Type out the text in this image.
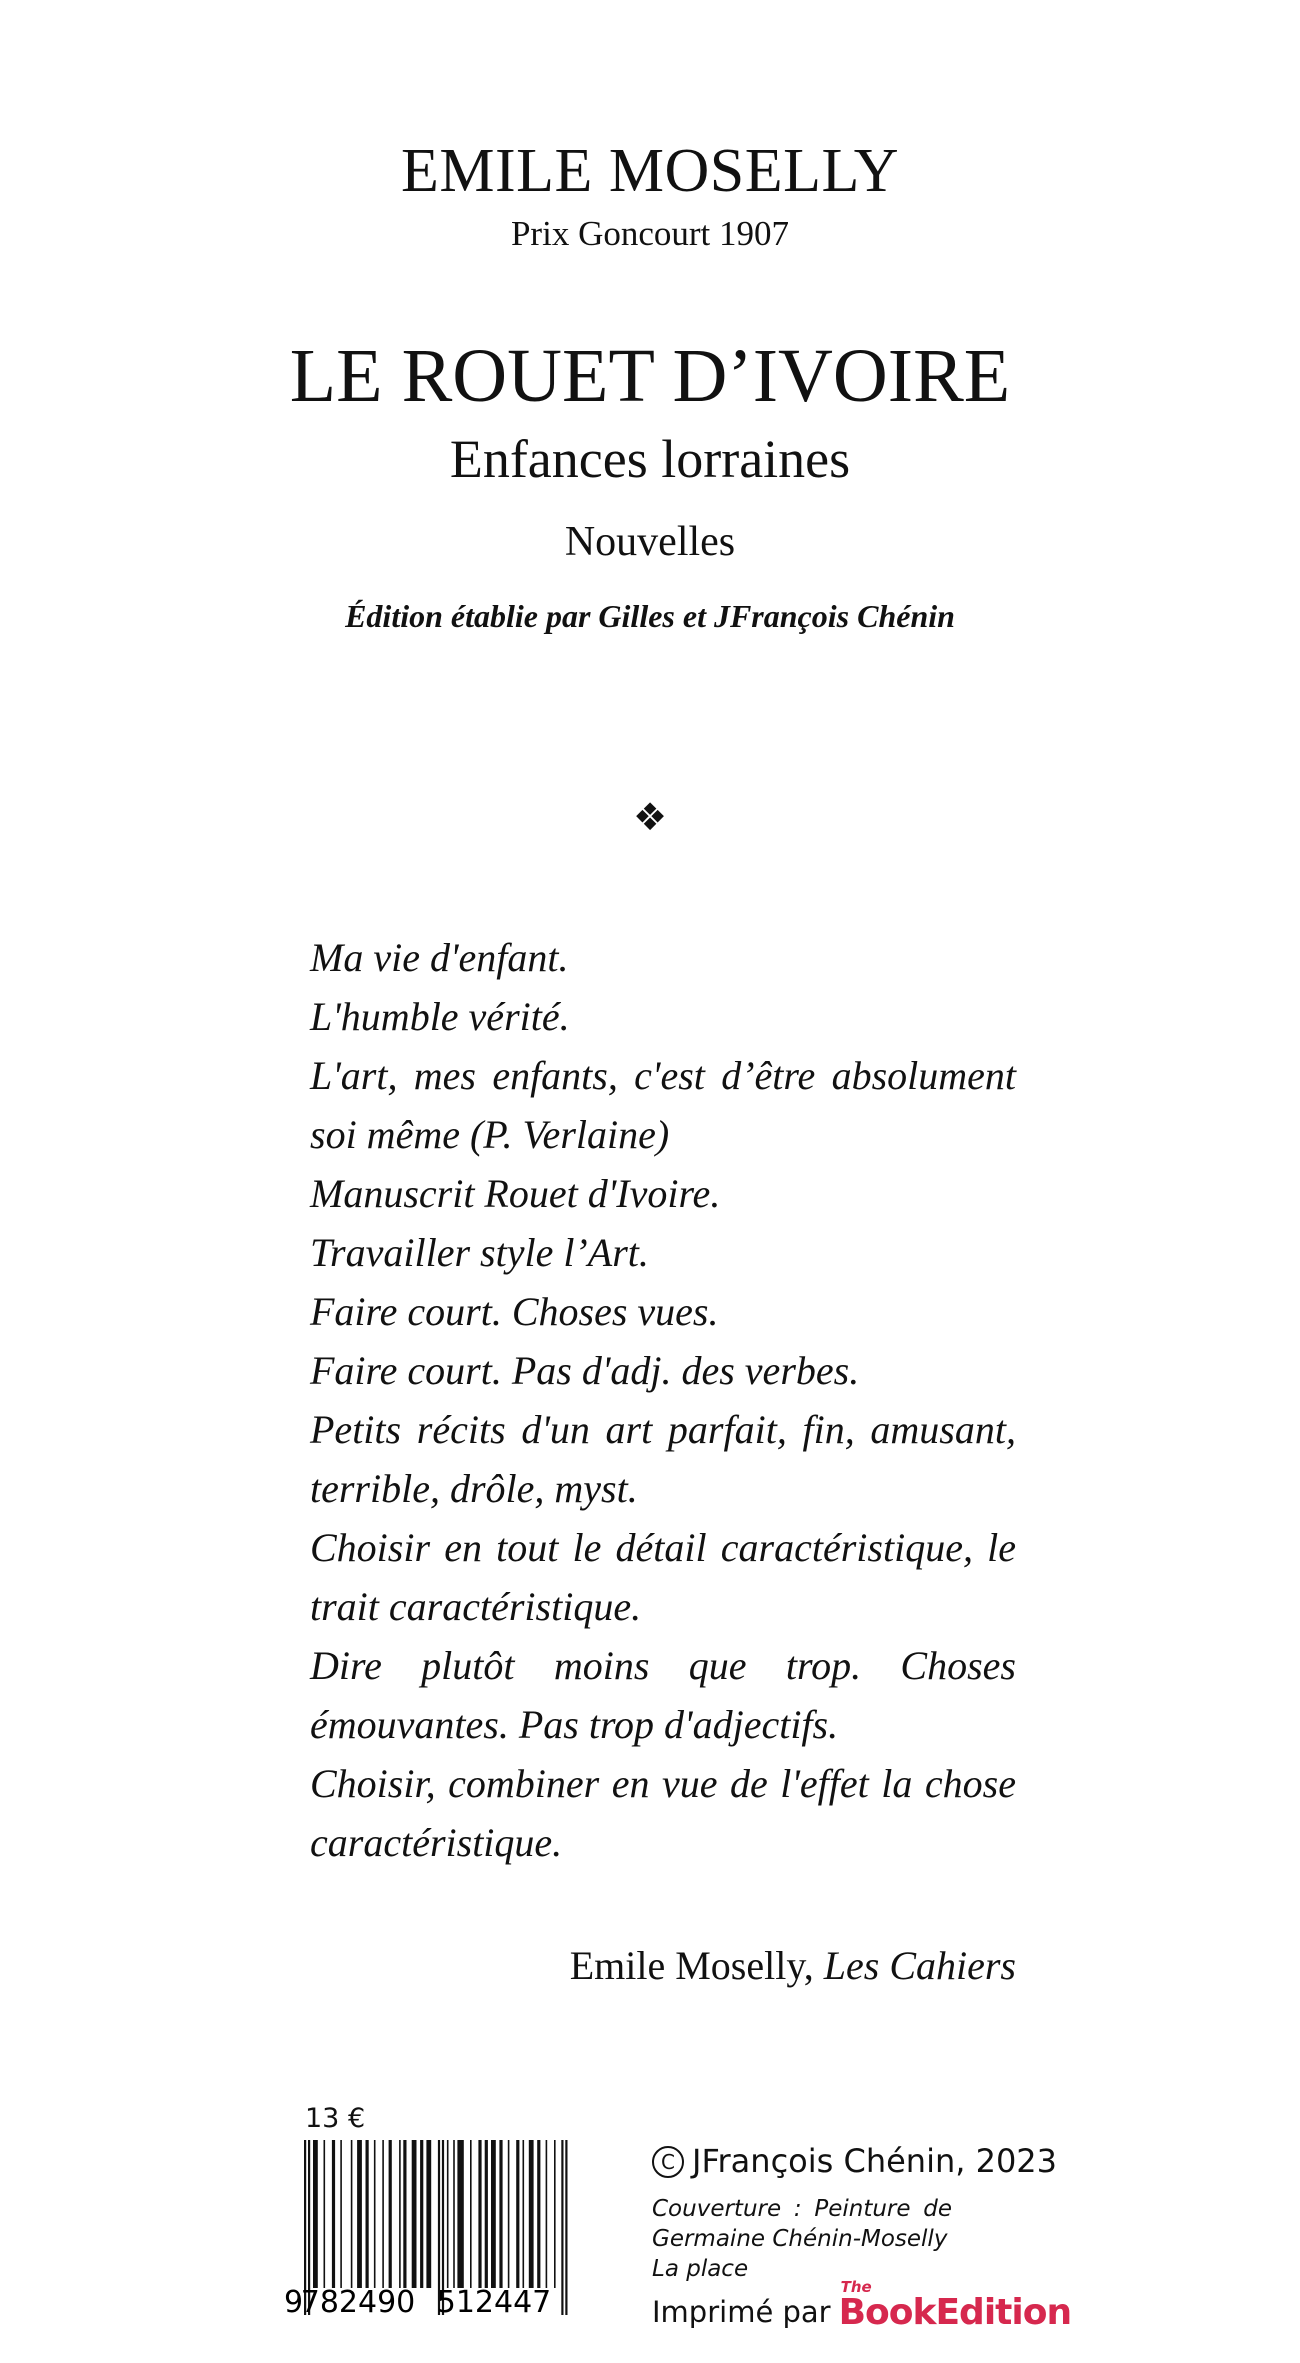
EMILE MOSELLY
Prix Goncourt 1907
LE ROUET D’IVOIRE
Enfances lorraines
Nouvelles
Édition établie par Gilles et JFrançois Chénin
❖
Ma vie d'enfant.
L'humble vérité.
L'art, mes enfants, c'est d’être absolument soi même (P. Verlaine)
Manuscrit Rouet d'Ivoire.
Travailler style l’Art.
Faire court. Choses vues.
Faire court. Pas d'adj. des verbes.
Petits récits d'un art parfait, fin, amusant, terrible, drôle, myst.
Choisir en tout le détail caractéristique, le trait caractéristique.
Dire plutôt moins que trop. Choses émouvantes. Pas trop d'adjectifs.
Choisir, combiner en vue de l'effet la chose caractéristique.
Emile Moselly, Les Cahiers
13 €
9
782490 512447
C JFrançois Chénin, 2023
Couverture : Peinture de
Germaine Chénin-Moselly
La place
Imprimé par
The
BookEdition
